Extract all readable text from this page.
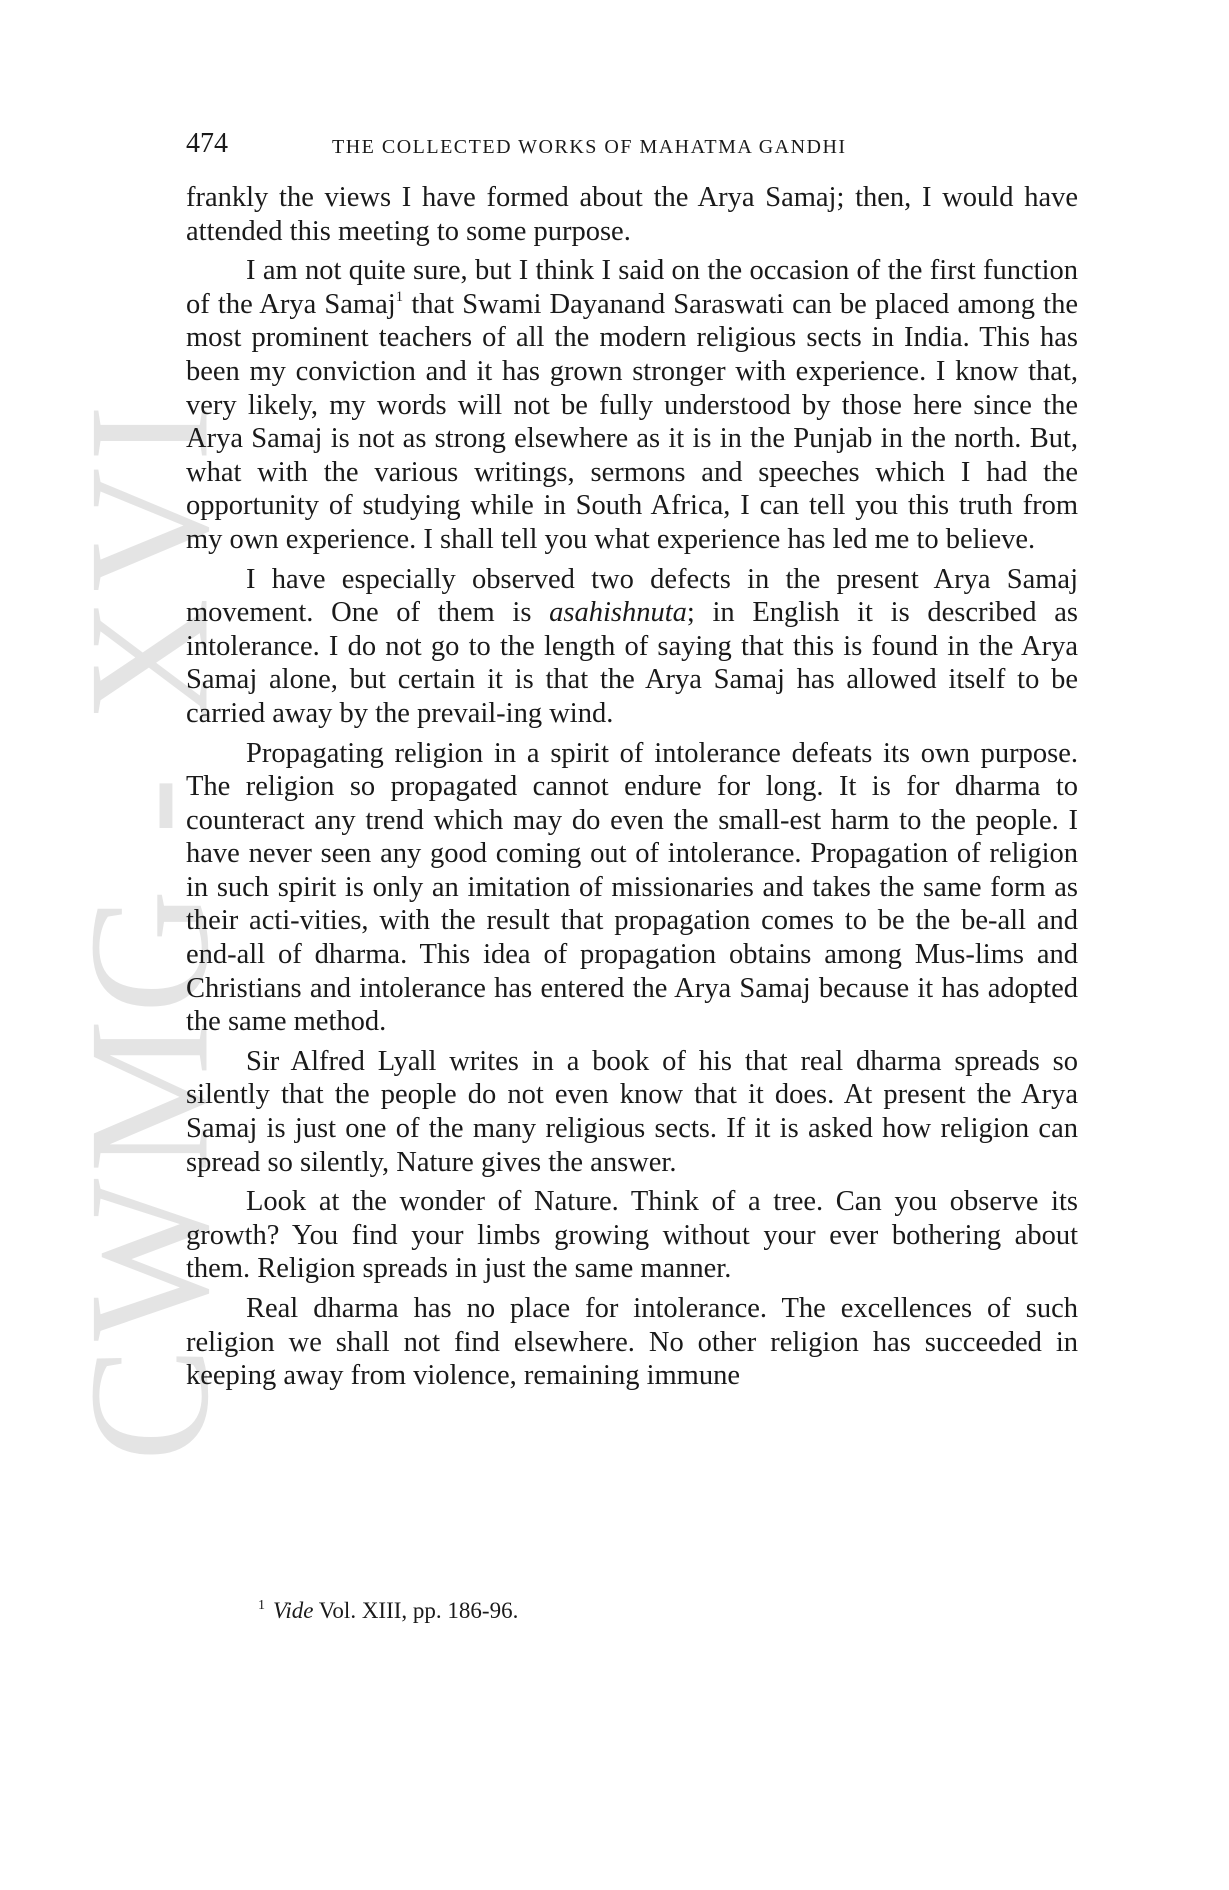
CWMG - XVI
474	THE COLLECTED WORKS OF MAHATMA GANDHI

frankly the views I have formed about the Arya Samaj; then, I would have attended this meeting to some purpose.

I am not quite sure, but I think I said on the occasion of the first function of the Arya Samaj$^1$ that Swami Dayanand Saraswati can be placed among the most prominent teachers of all the modern religious sects in India. This has been my conviction and it has grown stronger with experience. I know that, very likely, my words will not be fully understood by those here since the Arya Samaj is not as strong elsewhere as it is in the Punjab in the north. But, what with the various writings, sermons and speeches which I had the opportunity of studying while in South Africa, I can tell you this truth from my own experience. I shall tell you what experience has led me to believe.

I have especially observed two defects in the present Arya Samaj movement. One of them is asahishnuta; in English it is described as intolerance. I do not go to the length of saying that this is found in the Arya Samaj alone, but certain it is that the Arya Samaj has allowed itself to be carried away by the prevail-ing wind.

Propagating religion in a spirit of intolerance defeats its own purpose. The religion so propagated cannot endure for long. It is for dharma to counteract any trend which may do even the small-est harm to the people. I have never seen any good coming out of intolerance. Propagation of religion in such spirit is only an imitation of missionaries and takes the same form as their acti-vities, with the result that propagation comes to be the be-all and end-all of dharma. This idea of propagation obtains among Mus-lims and Christians and intolerance has entered the Arya Samaj because it has adopted the same method.

Sir Alfred Lyall writes in a book of his that real dharma spreads so silently that the people do not even know that it does. At present the Arya Samaj is just one of the many religious sects. If it is asked how religion can spread so silently, Nature gives the answer.

Look at the wonder of Nature. Think of a tree. Can you observe its growth? You find your limbs growing without your ever bothering about them. Religion spreads in just the same manner.

Real dharma has no place for intolerance. The excellences of such religion we shall not find elsewhere. No other religion has succeeded in keeping away from violence, remaining immune

$^1$ Vide Vol. XIII, pp. 186-96.
